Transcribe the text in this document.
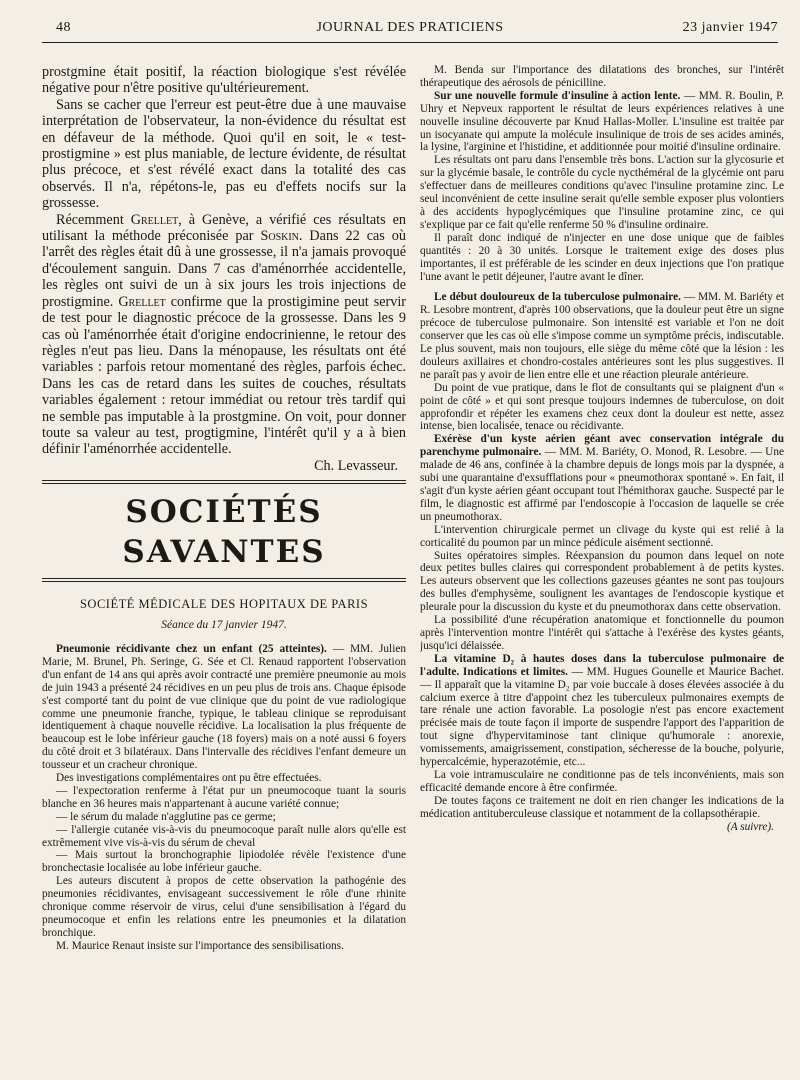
48	JOURNAL DES PRATICIENS	23 janvier 1947

prostgmine était positif, la réaction biologique s'est révélée négative pour n'être positive qu'ultérieurement.

Sans se cacher que l'erreur est peut-être due à une mauvaise interprétation de l'observateur, la non-évidence du résultat est en défaveur de la méthode. Quoi qu'il en soit, le « test-prostigmine » est plus maniable, de lecture évidente, de résultat plus précoce, et s'est révélé exact dans la totalité des cas observés. Il n'a, répétons-le, pas eu d'effets nocifs sur la grossesse.

Récemment Grellet, à Genève, a vérifié ces résultats en utilisant la méthode préconisée par Soskin. Dans 22 cas où l'arrêt des règles était dû à une grossesse, il n'a jamais provoqué d'écoulement sanguin. Dans 7 cas d'aménorrhée accidentelle, les règles ont suivi de un à six jours les trois injections de prostigmine. Grellet confirme que la prostigimine peut servir de test pour le diagnostic précoce de la grossesse. Dans les 9 cas où l'aménorrhée était d'origine endocrinienne, le retour des règles n'eut pas lieu. Dans la ménopause, les résultats ont été variables : parfois retour momentané des règles, parfois échec. Dans les cas de retard dans les suites de couches, résultats variables également : retour immédiat ou retour très tardif qui ne semble pas imputable à la prostgmine. On voit, pour donner toute sa valeur au test, progtigmine, l'intérêt qu'il y a à bien définir l'aménorrhée accidentelle.

Ch. Levasseur.

SOCIÉTÉS SAVANTES
SOCIÉTÉ MÉDICALE DES HOPITAUX DE PARIS
Séance du 17 janvier 1947.

Pneumonie récidivante chez un enfant (25 atteintes). — MM. Julien Marie, M. Brunel, Ph. Seringe, G. Sée et Cl. Renaud rapportent l'observation d'un enfant de 14 ans qui après avoir contracté une première pneumonie au mois de juin 1943 a présenté 24 récidives en un peu plus de trois ans. Chaque épisode s'est comporté tant du point de vue clinique que du point de vue radiologique comme une pneumonie franche, typique, le tableau clinique se reproduisant identiquement à chaque nouvelle récidive. La localisation la plus fréquente de beaucoup est le lobe inférieur gauche (18 foyers) mais on a noté aussi 6 foyers du côté droit et 3 bilatéraux. Dans l'intervalle des récidives l'enfant demeure un tousseur et un cracheur chronique.

Des investigations complémentaires ont pu être effectuées.

— l'expectoration renferme à l'état pur un pneumocoque tuant la souris blanche en 36 heures mais n'appartenant à aucune variété connue;

— le sérum du malade n'agglutine pas ce germe;

— l'allergie cutanée vis-à-vis du pneumocoque paraît nulle alors qu'elle est extrêmement vive vis-à-vis du sérum de cheval

— Mais surtout la bronchographie lipiodolée révèle l'existence d'une bronchectasie localisée au lobe inférieur gauche.

Les auteurs discutent à propos de cette observation la pathogénie des pneumonies récidivantes, envisageant successivement le rôle d'une rhinite chronique comme réservoir de virus, celui d'une sensibilisation à l'égard du pneumocoque et enfin les relations entre les pneumonies et la dilatation bronchique.

M. Maurice Renaut insiste sur l'importance des sensibilisations.

M. Benda sur l'importance des dilatations des bronches, sur l'intérêt thérapeutique des aérosols de pénicilline.

Sur une nouvelle formule d'insuline à action lente. — MM. R. Boulin, P. Uhry et Nepveux rapportent le résultat de leurs expériences relatives à une nouvelle insuline découverte par Knud Hallas-Moller. L'insuline est traitée par un isocyanate qui ampute la molécule insulinique de trois de ses acides aminés, la lysine, l'arginine et l'histidine, et additionnée pour moitié d'insuline ordinaire.

Les résultats ont paru dans l'ensemble très bons. L'action sur la glycosurie et sur la glycémie basale, le contrôle du cycle nycthéméral de la glycémie ont paru s'effectuer dans de meilleures conditions qu'avec l'insuline protamine zinc. Le seul inconvénient de cette insuline serait qu'elle semble exposer plus volontiers à des accidents hypoglycémiques que l'insuline protamine zinc, ce qui s'explique par ce fait qu'elle renferme 50 % d'insuline ordinaire.

Il paraît donc indiqué de n'injecter en une dose unique que de faibles quantités : 20 à 30 unités. Lorsque le traitement exige des doses plus importantes, il est préférable de les scinder en deux injections que l'on pratique l'une avant le petit déjeuner, l'autre avant le dîner.

Le début douloureux de la tuberculose pulmonaire. — MM. M. Bariéty et R. Lesobre montrent, d'après 100 observations, que la douleur peut être un signe précoce de tuberculose pulmonaire. Son intensité est variable et l'on ne doit conserver que les cas où elle s'impose comme un symptôme précis, indiscutable. Le plus souvent, mais non toujours, elle siège du même côté que la lésion : les douleurs axillaires et chondro-costales antérieures sont les plus suggestives. Il ne paraît pas y avoir de lien entre elle et une réaction pleurale antérieure.

Du point de vue pratique, dans le flot de consultants qui se plaignent d'un « point de côté » et qui sont presque toujours indemnes de tuberculose, on doit approfondir et répéter les examens chez ceux dont la douleur est nette, assez intense, bien localisée, tenace ou récidivante.

Exérèse d'un kyste aérien géant avec conservation intégrale du parenchyme pulmonaire. — MM. M. Bariéty, O. Monod, R. Lesobre. — Une malade de 46 ans, confinée à la chambre depuis de longs mois par la dyspnée, a subi une quarantaine d'exsufflations pour « pneumothorax spontané ». En fait, il s'agit d'un kyste aérien géant occupant tout l'hémithorax gauche. Suspecté par le film, le diagnostic est affirmé par l'endoscopie à l'occasion de laquelle se crée un pneumothorax.

L'intervention chirurgicale permet un clivage du kyste qui est relié à la corticalité du poumon par un mince pédicule aisément sectionné.

Suites opératoires simples. Réexpansion du poumon dans lequel on note deux petites bulles claires qui correspondent probablement à de petits kystes. Les auteurs observent que les collections gazeuses géantes ne sont pas toujours des bulles d'emphysème, soulignent les avantages de l'endoscopie kystique et pleurale pour la discussion du kyste et du pneumothorax dans cette observation.

La possibilité d'une récupération anatomique et fonctionnelle du poumon après l'intervention montre l'intérêt qui s'attache à l'exérèse des kystes géants, jusqu'ici délaissée.

La vitamine D₂ à hautes doses dans la tuberculose pulmonaire de l'adulte. Indications et limites. — MM. Hugues Gounelle et Maurice Bachet. — Il apparaît que la vitamine D₂ par voie buccale à doses élevées associée à du calcium exerce à titre d'appoint chez les tuberculeux pulmonaires exempts de tare rénale une action favorable. La posologie n'est pas encore exactement précisée mais de toute façon il importe de suspendre l'apport des l'apparition de tout signe d'hypervitaminose tant clinique qu'humorale : anorexie, vomissements, amaigrissement, constipation, sécheresse de la bouche, polyurie, hypercalcémie, hyperazotémie, etc...

La voie intramusculaire ne conditionne pas de tels inconvénients, mais son efficacité demande encore à être confirmée.

De toutes façons ce traitement ne doit en rien changer les indications de la médication antituberculeuse classique et notamment de la collapsothérapie.

(A suivre).
